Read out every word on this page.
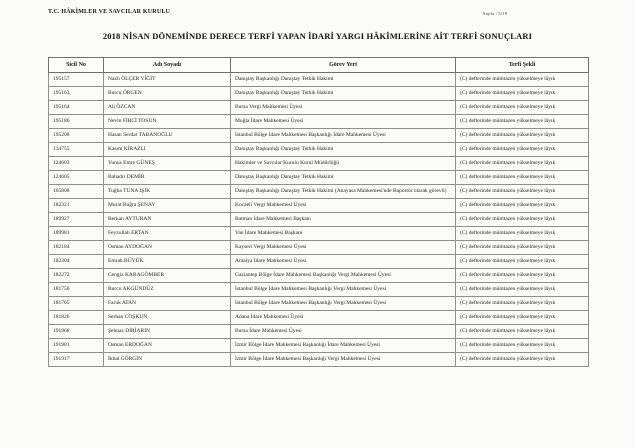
T.C. HÂKİMLER VE SAVCILAR KURULU	Sayfa : 5/19
2018 NİSAN DÖNEMİNDE DERECE TERFİ YAPAN İDARİ YARGI HÂKİMLERİNE AİT TERFİ SONUÇLARI
Sicil No	Adı Soyadı	Görev Yeri	Terfi Şekli
195157	Nazlı ÖLÇER YİĞİT	Danıştay Başkanlığı Danıştay Tetkik Hakimi	(C) defterinde mümtazen yükselmeye lâyık
195163	Burcu ÖRGEN	Danıştay Başkanlığı Danıştay Tetkik Hakimi	(C) defterinde mümtazen yükselmeye lâyık
195164	Ali ÖZCAN	Bursa Vergi Mahkemesi Üyesi	(C) defterinde mümtazen yükselmeye lâyık
195186	Nevin FİRCİ TOSUN	Muğla İdare Mahkemesi Üyesi	(C) defterinde mümtazen yükselmeye lâyık
195208	Hasan Serdar TABANOĞLU	İstanbul Bölge İdare Mahkemesi Başkanlığı İdare Mahkemesi Üyesi	(C) defterinde mümtazen yükselmeye lâyık
134755	Kasım KİRAZLI	Danıştay Başkanlığı Danıştay Tetkik Hakimi	(C) defterinde mümtazen yükselmeye lâyık
124603	Yunus Emre GÜNEŞ	Hakimler ve Savcılar Kurulu Kurul Müdürlüğü	(C) defterinde mümtazen yükselmeye lâyık
124605	Bahadır DEMİR	Danıştay Başkanlığı Danıştay Tetkik Hakimi	(C) defterinde mümtazen yükselmeye lâyık
165808	Tuğba TUNA IŞIK	Danıştay Başkanlığı Danıştay Tetkik Hakimi (Anayasa Mahkemesi'nde Raportör olarak görevli)	(C) defterinde mümtazen yükselmeye lâyık
182321	Murat Buğra ŞENAY	Kocaeli Vergi Mahkemesi Üyesi	(C) defterinde mümtazen yükselmeye lâyık
189927	Berkan AYTURAN	Batman İdare Mahkemesi Başkanı	(C) defterinde mümtazen yükselmeye lâyık
189981	Feyzullah ERTAN	Van İdare Mahkemesi Başkanı	(C) defterinde mümtazen yükselmeye lâyık
182184	Osman AYDOĞAN	Kayseri Vergi Mahkemesi Üyesi	(C) defterinde mümtazen yükselmeye lâyık
182204	Emrah BÜYÜK	Antalya İdare Mahkemesi Üyesi	(C) defterinde mümtazen yükselmeye lâyık
182272	Cengiz KARAGÖMBER	Gaziantep Bölge İdare Mahkemesi Başkanlığı Vergi Mahkemesi Üyesi	(C) defterinde mümtazen yükselmeye lâyık
181756	Burcu AKGÜNDÜZ	İstanbul Bölge İdare Mahkemesi Başkanlığı Vergi Mahkemesi Üyesi	(C) defterinde mümtazen yükselmeye lâyık
181765	Faruk ATAN	İstanbul Bölge İdare Mahkemesi Başkanlığı Vergi Mahkemesi Üyesi	(C) defterinde mümtazen yükselmeye lâyık
181826	Serhan COŞKUN	Adana İdare Mahkemesi Üyesi	(C) defterinde mümtazen yükselmeye lâyık
191868	Şehnaz DİRİARIN	Bursa İdare Mahkemesi Üyesi	(C) defterinde mümtazen yükselmeye lâyık
191901	Osman ERDOĞAN	İzmir Bölge İdare Mahkemesi Başkanlığı İdare Mahkemesi Üyesi	(C) defterinde mümtazen yükselmeye lâyık
191917	İkbal GÖRGİN	İzmir Bölge İdare Mahkemesi Başkanlığı Vergi Mahkemesi Üyesi	(C) defterinde mümtazen yükselmeye lâyık
